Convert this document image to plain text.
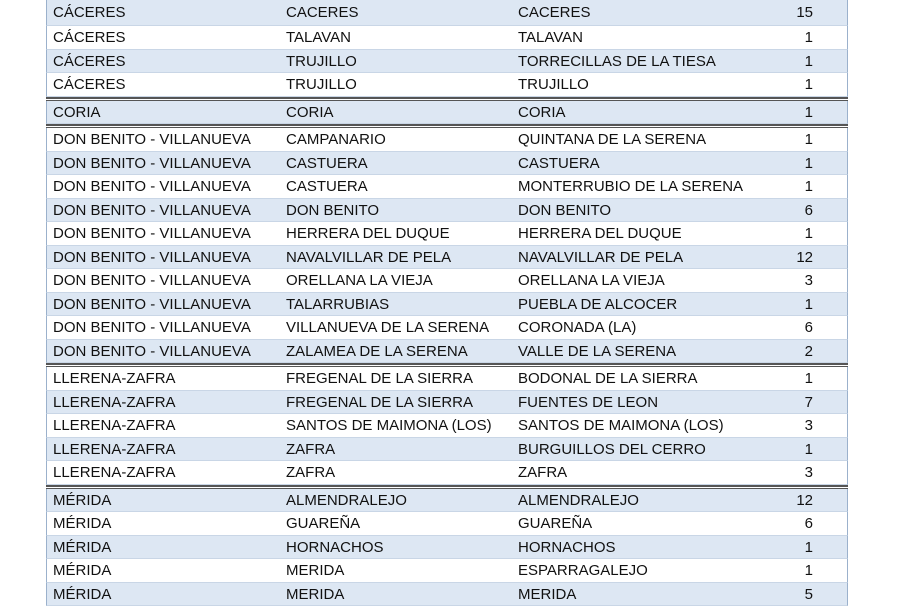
CÁCERES	CACERES	CACERES	15
CÁCERES	TALAVAN	TALAVAN	1
CÁCERES	TRUJILLO	TORRECILLAS DE LA TIESA	1
CÁCERES	TRUJILLO	TRUJILLO	1
CORIA	CORIA	CORIA	1
DON BENITO - VILLANUEVA	CAMPANARIO	QUINTANA DE LA SERENA	1
DON BENITO - VILLANUEVA	CASTUERA	CASTUERA	1
DON BENITO - VILLANUEVA	CASTUERA	MONTERRUBIO DE LA SERENA	1
DON BENITO - VILLANUEVA	DON BENITO	DON BENITO	6
DON BENITO - VILLANUEVA	HERRERA DEL DUQUE	HERRERA DEL DUQUE	1
DON BENITO - VILLANUEVA	NAVALVILLAR DE PELA	NAVALVILLAR DE PELA	12
DON BENITO - VILLANUEVA	ORELLANA LA VIEJA	ORELLANA LA VIEJA	3
DON BENITO - VILLANUEVA	TALARRUBIAS	PUEBLA DE ALCOCER	1
DON BENITO - VILLANUEVA	VILLANUEVA DE LA SERENA	CORONADA (LA)	6
DON BENITO - VILLANUEVA	ZALAMEA DE LA SERENA	VALLE DE LA SERENA	2
LLERENA-ZAFRA	FREGENAL DE LA SIERRA	BODONAL DE LA SIERRA	1
LLERENA-ZAFRA	FREGENAL DE LA SIERRA	FUENTES DE LEON	7
LLERENA-ZAFRA	SANTOS DE MAIMONA (LOS)	SANTOS DE MAIMONA (LOS)	3
LLERENA-ZAFRA	ZAFRA	BURGUILLOS DEL CERRO	1
LLERENA-ZAFRA	ZAFRA	ZAFRA	3
MÉRIDA	ALMENDRALEJO	ALMENDRALEJO	12
MÉRIDA	GUAREÑA	GUAREÑA	6
MÉRIDA	HORNACHOS	HORNACHOS	1
MÉRIDA	MERIDA	ESPARRAGALEJO	1
MÉRIDA	MERIDA	MERIDA	5
